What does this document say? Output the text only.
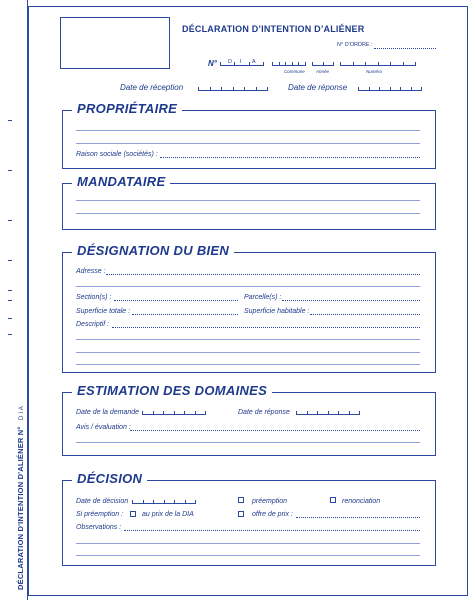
DÉCLARATION D'INTENTION D'ALIÉNER N° D I A
DÉCLARATION D’INTENTION D’ALIÉNER
N° D'ORDRE :
N° D I A
Commune Année	Numéro
Date de réception	Date de réponse
PROPRIÉTAIRE
Raison sociale (sociétés) :
MANDATAIRE
DÉSIGNATION DU BIEN
Adresse :
Section(s) :	Parcelle(s) :
Superficie totale :	Superficie habitable :
Descriptif :
ESTIMATION DES DOMAINES
Date de la demande	Date de réponse
Avis / évaluation :
DÉCISION
Date de décision	préemption	renonciation
Si préemption :	au prix de la DIA	offre de prix :
Observations :
